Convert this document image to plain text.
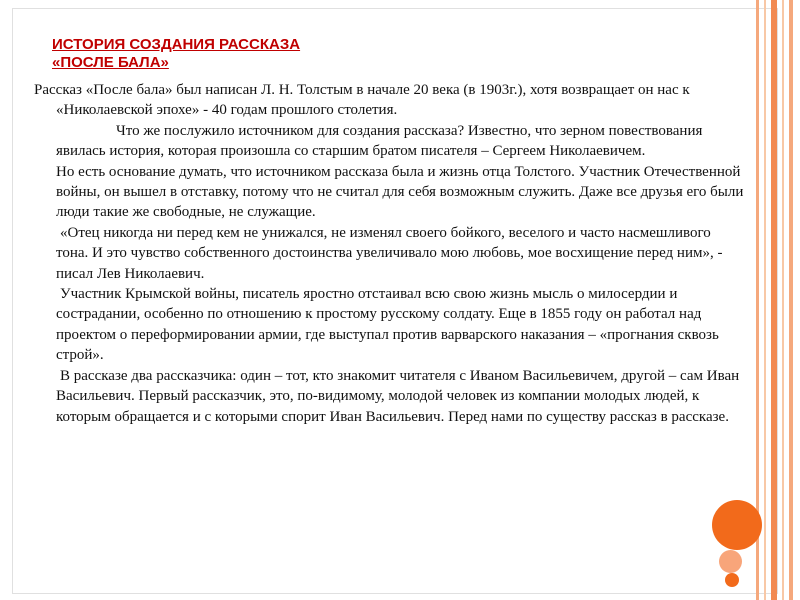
ИСТОРИЯ СОЗДАНИЯ РАССКАЗА
«ПОСЛЕ БАЛА»

Рассказ «После бала» был написан Л. Н. Толстым в начале 20 века (в 1903г.), хотя возвращает он нас к «Николаевской эпохе» - 40 годам прошлого столетия.

Что же послужило источником для создания рассказа? Известно, что зерном повествования явилась история, которая произошла со старшим братом писателя – Сергеем Николаевичем.

Но есть основание думать, что источником рассказа была и жизнь отца Толстого. Участник Отечественной войны, он вышел в отставку, потому что не считал для себя возможным служить. Даже все друзья его были люди такие же свободные, не служащие.

«Отец никогда ни перед кем не унижался, не изменял своего бойкого, веселого и часто насмешливого тона. И это чувство собственного достоинства увеличивало мою любовь, мое восхищение перед ним», - писал Лев Николаевич.

Участник Крымской войны, писатель яростно отстаивал всю свою жизнь мысль о милосердии и сострадании, особенно по отношению к простому русскому солдату. Еще в 1855 году он работал над проектом о переформировании армии, где выступал против варварского наказания – «прогнания сквозь строй».

В рассказе два рассказчика: один – тот, кто знакомит читателя с Иваном Васильевичем, другой – сам Иван Васильевич. Первый рассказчик, это, по-видимому, молодой человек из компании молодых людей, к которым обращается и с которыми спорит Иван Васильевич. Перед нами по существу рассказ в рассказе.
